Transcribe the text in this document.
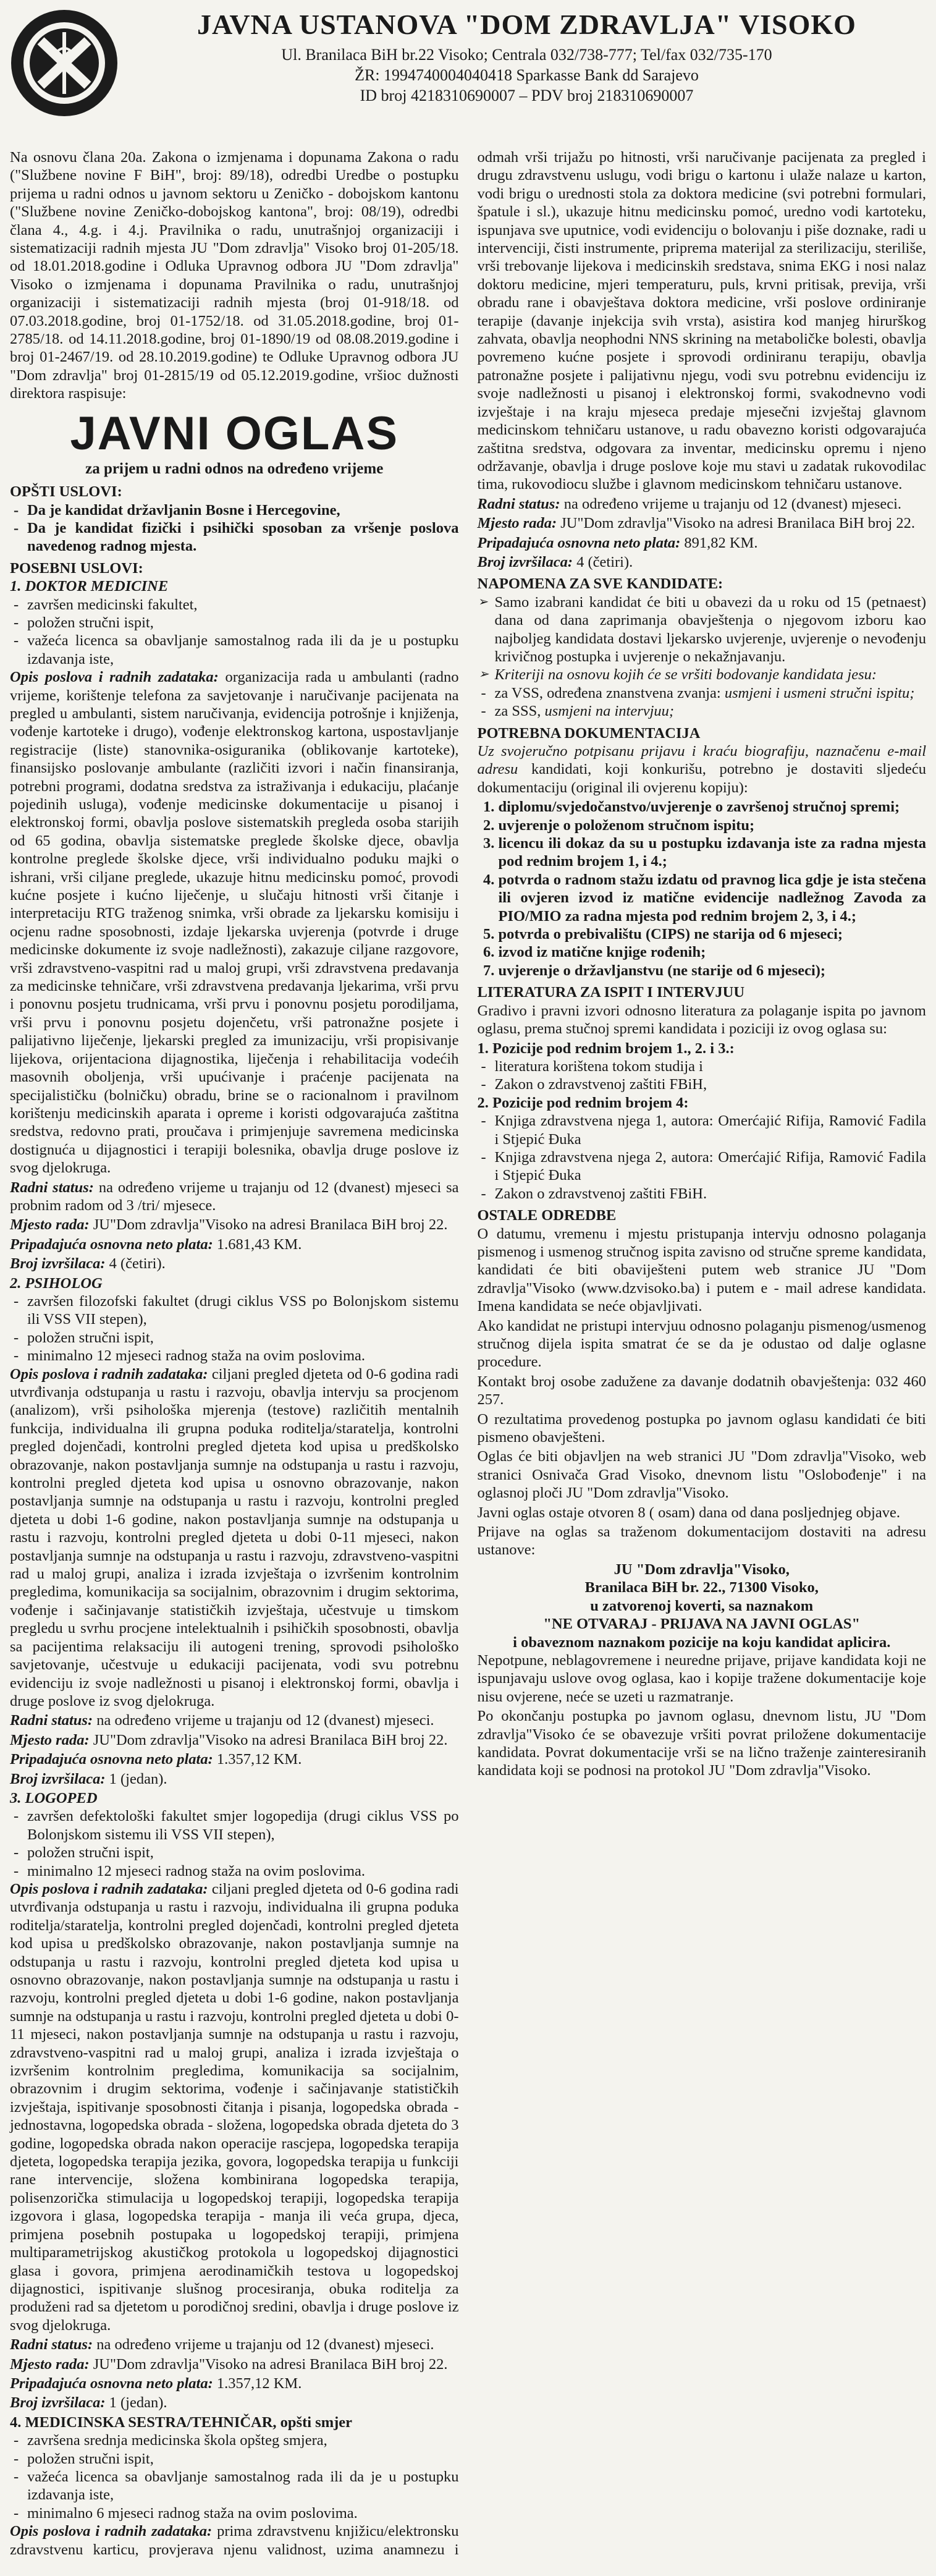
JAVNA USTANOVA "DOM ZDRAVLJA" VISOKO
Ul. Branilaca BiH br.22 Visoko; Centrala 032/738-777; Tel/fax 032/735-170
ŽR: 1994740004040418 Sparkasse Bank dd Sarajevo
ID broj 4218310690007 – PDV broj 218310690007

Na osnovu člana 20a. Zakona o izmjenama i dopunama Zakona o radu ("Službene novine F BiH", broj: 89/18), odredbi Uredbe o postupku prijema u radni odnos u javnom sektoru u Zeničko - dobojskom kantonu ("Službene novine Zeničko-dobojskog kantona", broj: 08/19), odredbi člana 4., 4.g. i 4.j. Pravilnika o radu, unutrašnjoj organizaciji i sistematizaciji radnih mjesta JU "Dom zdravlja" Visoko broj 01-205/18. od 18.01.2018.godine i Odluka Upravnog odbora JU "Dom zdravlja" Visoko o izmjenama i dopunama Pravilnika o radu, unutrašnjoj organizaciji i sistematizaciji radnih mjesta (broj 01-918/18. od 07.03.2018.godine, broj 01-1752/18. od 31.05.2018.godine, broj 01-2785/18. od 14.11.2018.godine, broj 01-1890/19 od 08.08.2019.godine i broj 01-2467/19. od 28.10.2019.godine) te Odluke Upravnog odbora JU "Dom zdravlja" broj 01-2815/19 od 05.12.2019.godine, vršioc dužnosti direktora raspisuje:

JAVNI OGLAS
za prijem u radni odnos na određeno vrijeme
OPŠTI USLOVI:
- Da je kandidat državljanin Bosne i Hercegovine,
- Da je kandidat fizički i psihički sposoban za vršenje poslova navedenog radnog mjesta.
POSEBNI USLOVI:
1. DOKTOR MEDICINE
- završen medicinski fakultet,
- položen stručni ispit,
- važeća licenca sa obavljanje samostalnog rada ili da je u postupku izdavanja iste,

Opis poslova i radnih zadataka: organizacija rada u ambulanti (radno vrijeme, korištenje telefona za savjetovanje i naručivanje pacijenata na pregled u ambulanti, sistem naručivanja, evidencija potrošnje i knjiženja, vođenje kartoteke i drugo), vođenje elektronskog kartona, uspostavljanje registracije (liste) stanovnika-osiguranika (oblikovanje kartoteke), finansijsko poslovanje ambulante (različiti izvori i način finansiranja, potrebni programi, dodatna sredstva za istraživanja i edukaciju, plaćanje pojedinih usluga), vođenje medicinske dokumentacije u pisanoj i elektronskoj formi, obavlja poslove sistematskih pregleda osoba starijih od 65 godina, obavlja sistematske preglede školske djece, obavlja kontrolne preglede školske djece, vrši individualno poduku majki o ishrani, vrši ciljane preglede, ukazuje hitnu medicinsku pomoć, provodi kućne posjete i kućno liječenje, u slučaju hitnosti vrši čitanje i interpretaciju RTG traženog snimka, vrši obrade za ljekarsku komisiju i ocjenu radne sposobnosti, izdaje ljekarska uvjerenja (potvrde i druge medicinske dokumente iz svoje nadležnosti), zakazuje ciljane razgovore, vrši zdravstveno-vaspitni rad u maloj grupi, vrši zdravstvena predavanja za medicinske tehničare, vrši zdravstvena predavanja ljekarima, vrši prvu i ponovnu posjetu trudnicama, vrši prvu i ponovnu posjetu porodiljama, vrši prvu i ponovnu posjetu dojenčetu, vrši patronažne posjete i palijativno liječenje, ljekarski pregled za imunizaciju, vrši propisivanje lijekova, orijentaciona dijagnostika, liječenja i rehabilitacija vodećih masovnih oboljenja, vrši upućivanje i praćenje pacijenata na specijalističku (bolničku) obradu, brine se o racionalnom i pravilnom korištenju medicinskih aparata i opreme i koristi odgovarajuća zaštitna sredstva, redovno prati, proučava i primjenjuje savremena medicinska dostignuća u dijagnostici i terapiji bolesnika, obavlja druge poslove iz svog djelokruga.

Radni status: na određeno vrijeme u trajanju od 12 (dvanest) mjeseci sa probnim radom od 3 /tri/ mjesece.

Mjesto rada: JU"Dom zdravlja"Visoko na adresi Branilaca BiH broj 22.

Pripadajuća osnovna neto plata: 1.681,43 KM.

Broj izvršilaca: 4 (četiri).

2. PSIHOLOG
- završen filozofski fakultet (drugi ciklus VSS po Bolonjskom sistemu ili VSS VII stepen),
- položen stručni ispit,
- minimalno 12 mjeseci radnog staža na ovim poslovima.

Opis poslova i radnih zadataka: ciljani pregled djeteta od 0-6 godina radi utvrđivanja odstupanja u rastu i razvoju, obavlja intervju sa procjenom (analizom), vrši psihološka mjerenja (testove) različitih mentalnih funkcija, individualna ili grupna poduka roditelja/staratelja, kontrolni pregled dojenčadi, kontrolni pregled djeteta kod upisa u predškolsko obrazovanje, nakon postavljanja sumnje na odstupanja u rastu i razvoju, kontrolni pregled djeteta kod upisa u osnovno obrazovanje, nakon postavljanja sumnje na odstupanja u rastu i razvoju, kontrolni pregled djeteta u dobi 1-6 godine, nakon postavljanja sumnje na odstupanja u rastu i razvoju, kontrolni pregled djeteta u dobi 0-11 mjeseci, nakon postavljanja sumnje na odstupanja u rastu i razvoju, zdravstveno-vaspitni rad u maloj grupi, analiza i izrada izvještaja o izvršenim kontrolnim pregledima, komunikacija sa socijalnim, obrazovnim i drugim sektorima, vođenje i sačinjavanje statističkih izvještaja, učestvuje u timskom pregledu u svrhu procjene intelektualnih i psihičkih sposobnosti, obavlja sa pacijentima relaksaciju ili autogeni trening, sprovodi psihološko savjetovanje, učestvuje u edukaciji pacijenata, vodi svu potrebnu evidenciju iz svoje nadležnosti u pisanoj i elektronskoj formi, obavlja i druge poslove iz svog djelokruga.

Radni status: na određeno vrijeme u trajanju od 12 (dvanest) mjeseci.

Mjesto rada: JU"Dom zdravlja"Visoko na adresi Branilaca BiH broj 22.

Pripadajuća osnovna neto plata: 1.357,12 KM.

Broj izvršilaca: 1 (jedan).

3. LOGOPED
- završen defektološki fakultet smjer logopedija (drugi ciklus VSS po Bolonjskom sistemu ili VSS VII stepen),
- položen stručni ispit,
- minimalno 12 mjeseci radnog staža na ovim poslovima.

Opis poslova i radnih zadataka: ciljani pregled djeteta od 0-6 godina radi utvrđivanja odstupanja u rastu i razvoju, individualna ili grupna poduka roditelja/staratelja, kontrolni pregled dojenčadi, kontrolni pregled djeteta kod upisa u predškolsko obrazovanje, nakon postavljanja sumnje na odstupanja u rastu i razvoju, kontrolni pregled djeteta kod upisa u osnovno obrazovanje, nakon postavljanja sumnje na odstupanja u rastu i razvoju, kontrolni pregled djeteta u dobi 1-6 godine, nakon postavljanja sumnje na odstupanja u rastu i razvoju, kontrolni pregled djeteta u dobi 0-11 mjeseci, nakon postavljanja sumnje na odstupanja u rastu i razvoju, zdravstveno-vaspitni rad u maloj grupi, analiza i izrada izvještaja o izvršenim kontrolnim pregledima, komunikacija sa socijalnim, obrazovnim i drugim sektorima, vođenje i sačinjavanje statističkih izvještaja, ispitivanje sposobnosti čitanja i pisanja, logopedska obrada - jednostavna, logopedska obrada - složena, logopedska obrada djeteta do 3 godine, logopedska obrada nakon operacije rascjepa, logopedska terapija djeteta, logopedska terapija jezika, govora, logopedska terapija u funkciji rane intervencije, složena kombinirana logopedska terapija, polisenzorička stimulacija u logopedskoj terapiji, logopedska terapija izgovora i glasa, logopedska terapija - manja ili veća grupa, djeca, primjena posebnih postupaka u logopedskoj terapiji, primjena multiparametrijskog akustičkog protokola u logopedskoj dijagnostici glasa i govora, primjena aerodinamičkih testova u logopedskoj dijagnostici, ispitivanje slušnog procesiranja, obuka roditelja za produženi rad sa djetetom u porodičnoj sredini, obavlja i druge poslove iz svog djelokruga.

Radni status: na određeno vrijeme u trajanju od 12 (dvanest) mjeseci.

Mjesto rada: JU"Dom zdravlja"Visoko na adresi Branilaca BiH broj 22.

Pripadajuća osnovna neto plata: 1.357,12 KM.

Broj izvršilaca: 1 (jedan).

4. MEDICINSKA SESTRA/TEHNIČAR, opšti smjer
- završena srednja medicinska škola opšteg smjera,
- položen stručni ispit,
- važeća licenca sa obavljanje samostalnog rada ili da je u postupku izdavanja iste,
- minimalno 6 mjeseci radnog staža na ovim poslovima.

Opis poslova i radnih zadataka: prima zdravstvenu knjižicu/elektronsku zdravstvenu karticu, provjerava njenu validnost, uzima anamnezu i odmah vrši trijažu po hitnosti, vrši naručivanje pacijenata za pregled i drugu zdravstvenu uslugu, vodi brigu o kartonu i ulaže nalaze u karton, vodi brigu o urednosti stola za doktora medicine (svi potrebni formulari, špatule i sl.), ukazuje hitnu medicinsku pomoć, uredno vodi kartoteku, ispunjava sve uputnice, vodi evidenciju o bolovanju i piše doznake, radi u intervenciji, čisti instrumente, pripremа materijal za sterilizaciju, steriliše, vrši trebovanje lijekova i medicinskih sredstava, snima EKG i nosi nalaz doktoru medicine, mjeri temperaturu, puls, krvni pritisak, previja, vrši obradu rane i obavještava doktora medicine, vrši poslove ordiniranje terapije (davanje injekcija svih vrsta), asistira kod manjeg hirurškog zahvata, obavlja neophodni NNS skrining na metaboličke bolesti, obavlja povremeno kućne posjete i sprovodi ordiniranu terapiju, obavlja patronažne posjete i palijativnu njegu, vodi svu potrebnu evidenciju iz svoje nadležnosti u pisanoj i elektronskoj formi, svakodnevno vodi izvještaje i na kraju mjeseca predaje mjesečni izvještaj glavnom medicinskom tehničaru ustanove, u radu obavezno koristi odgovarajuća zaštitna sredstva, odgovara za inventar, medicinsku opremu i njeno održavanje, obavlja i druge poslove koje mu stavi u zadatak rukovodilac tima, rukovodiocu službe i glavnom medicinskom tehničaru ustanove.

Radni status: na određeno vrijeme u trajanju od 12 (dvanest) mjeseci.

Mjesto rada: JU"Dom zdravlja"Visoko na adresi Branilaca BiH broj 22.

Pripadajuća osnovna neto plata: 891,82 KM.

Broj izvršilaca: 4 (četiri).

NAPOMENA ZA SVE KANDIDATE:
➢ Samo izabrani kandidat će biti u obavezi da u roku od 15 (petnaest) dana od dana zaprimanja obavještenja o njegovom izboru kao najboljeg kandidata dostavi ljekarsko uvjerenje, uvjerenje o nevođenju krivičnog postupka i uvjerenje o nekažnjavanju.
➢ Kriteriji na osnovu kojih će se vršiti bodovanje kandidata jesu:
- za VSS, određena znanstvena zvanja: usmjeni i usmeni stručni ispitu;
- za SSS, usmjeni na intervjuu;
POTREBNA DOKUMENTACIJA

Uz svojeručno potpisanu prijavu i kraću biografiju, naznačenu e-mail adresu kandidati, koji konkurišu, potrebno je dostaviti sljedeću dokumentaciju (original ili ovjerenu kopiju):

1. diplomu/svjedočanstvo/uvjerenje o završenoj stručnoj spremi;
2. uvjerenje o položenom stručnom ispitu;
3. licencu ili dokaz da su u postupku izdavanja iste za radna mjesta pod rednim brojem 1, i 4.;
4. potvrda o radnom stažu izdatu od pravnog lica gdje je ista stečena ili ovjeren izvod iz matične evidencije nadležnog Zavoda za PIO/MIO za radna mjesta pod rednim brojem 2, 3, i 4.;
5. potvrda o prebivalištu (CIPS) ne starija od 6 mjeseci;
6. izvod iz matične knjige rođenih;
7. uvjerenje o državljanstvu (ne starije od 6 mjeseci);
LITERATURA ZA ISPIT I INTERVJUU

Gradivo i pravni izvori odnosno literatura za polaganje ispita po javnom oglasu, prema stučnoj spremi kandidata i poziciji iz ovog oglasa su:

1. Pozicije pod rednim brojem 1., 2. i 3.:
- literatura korištena tokom studija i
- Zakon o zdravstvenoj zaštiti FBiH,
2. Pozicije pod rednim brojem 4:
- Knjiga zdravstvena njega 1, autora: Omerćajić Rifija, Ramović Fadila i Stjepić Đuka
- Knjiga zdravstvena njega 2, autora: Omerćajić Rifija, Ramović Fadila i Stjepić Đuka
- Zakon o zdravstvenoj zaštiti FBiH.
OSTALE ODREDBE

O datumu, vremenu i mjestu pristupanja intervju odnosno polaganja pismenog i usmenog stručnog ispita zavisno od stručne spreme kandidata, kandidati će biti obaviješteni putem web stranice JU "Dom zdravlja"Visoko (www.dzvisoko.ba) i putem e - mail adrese kandidata. Imena kandidata se neće objavljivati.

Ako kandidat ne pristupi intervjuu odnosno polaganju pismenog/usmenog stručnog dijela ispita smatrat će se da je odustao od dalje oglasne procedure.

Kontakt broj osobe zadužene za davanje dodatnih obavještenja: 032 460 257.

O rezultatima provedenog postupka po javnom oglasu kandidati će biti pismeno obavješteni.

Oglas će biti objavljen na web stranici JU "Dom zdravlja"Visoko, web stranici Osnivača Grad Visoko, dnevnom listu "Oslobođenje" i na oglasnoj ploči JU "Dom zdravlja"Visoko.

Javni oglas ostaje otvoren 8 ( osam) dana od dana posljednjeg objave.

Prijave na oglas sa traženom dokumentacijom dostaviti na adresu ustanove:

JU "Dom zdravlja"Visoko,
Branilaca BiH br. 22., 71300 Visoko,
u zatvorenoj koverti, sa naznakom
"NE OTVARAJ - PRIJAVA NA JAVNI OGLAS"
i obaveznom naznakom pozicije na koju kandidat aplicira.

Nepotpune, neblagovremene i neuredne prijave, prijave kandidata koji ne ispunjavaju uslove ovog oglasa, kao i kopije tražene dokumentacije koje nisu ovjerene, neće se uzeti u razmatranje.

Po okončanju postupka po javnom oglasu, dnevnom listu, JU "Dom zdravlja"Visoko će se obavezuje vršiti povrat priložene dokumentacije kandidata. Povrat dokumentacije vrši se na lično traženje zainteresiranih kandidata koji se podnosi na protokol JU "Dom zdravlja"Visoko.
